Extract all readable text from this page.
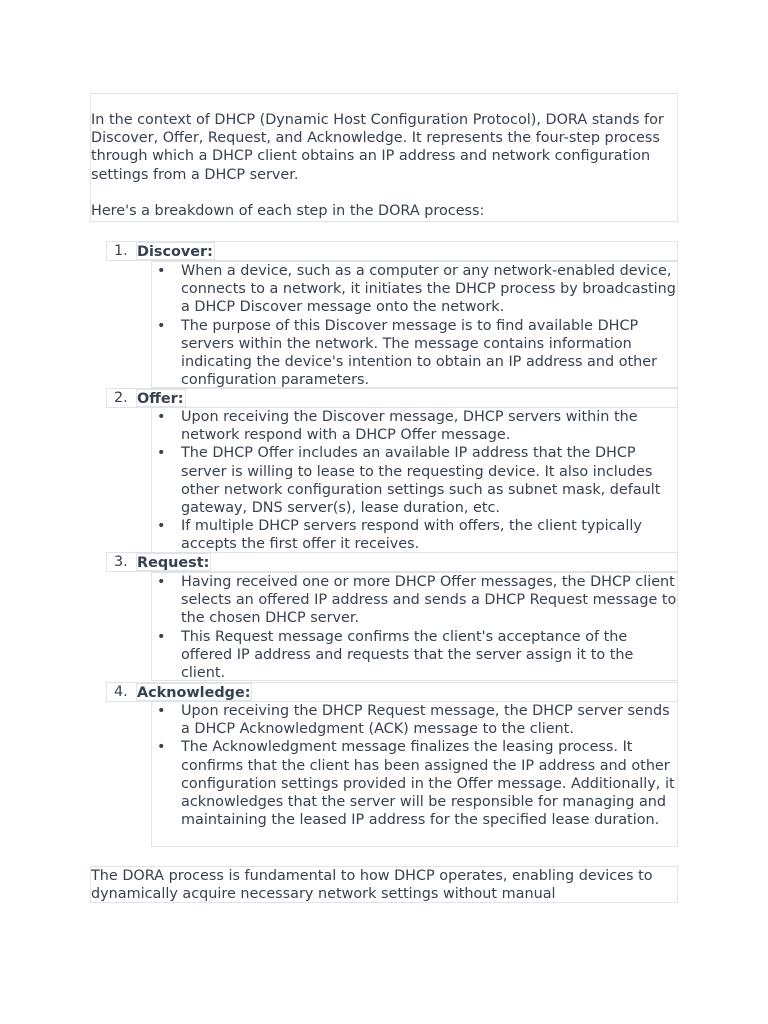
In the context of DHCP (Dynamic Host Configuration Protocol), DORA stands for Discover, Offer, Request, and Acknowledge. It represents the four-step process through which a DHCP client obtains an IP address and network configuration settings from a DHCP server.

Here's a breakdown of each step in the DORA process:

1. Discover:
• When a device, such as a computer or any network-enabled device, connects to a network, it initiates the DHCP process by broadcasting a DHCP Discover message onto the network.
• The purpose of this Discover message is to find available DHCP servers within the network. The message contains information indicating the device's intention to obtain an IP address and other configuration parameters.
2. Offer:
• Upon receiving the Discover message, DHCP servers within the network respond with a DHCP Offer message.
• The DHCP Offer includes an available IP address that the DHCP server is willing to lease to the requesting device. It also includes other network configuration settings such as subnet mask, default gateway, DNS server(s), lease duration, etc.
• If multiple DHCP servers respond with offers, the client typically accepts the first offer it receives.
3. Request:
• Having received one or more DHCP Offer messages, the DHCP client selects an offered IP address and sends a DHCP Request message to the chosen DHCP server.
• This Request message confirms the client's acceptance of the offered IP address and requests that the server assign it to the client.
4. Acknowledge:
• Upon receiving the DHCP Request message, the DHCP server sends a DHCP Acknowledgment (ACK) message to the client.
• The Acknowledgment message finalizes the leasing process. It confirms that the client has been assigned the IP address and other configuration settings provided in the Offer message. Additionally, it acknowledges that the server will be responsible for managing and maintaining the leased IP address for the specified lease duration.

The DORA process is fundamental to how DHCP operates, enabling devices to dynamically acquire necessary network settings without manual
